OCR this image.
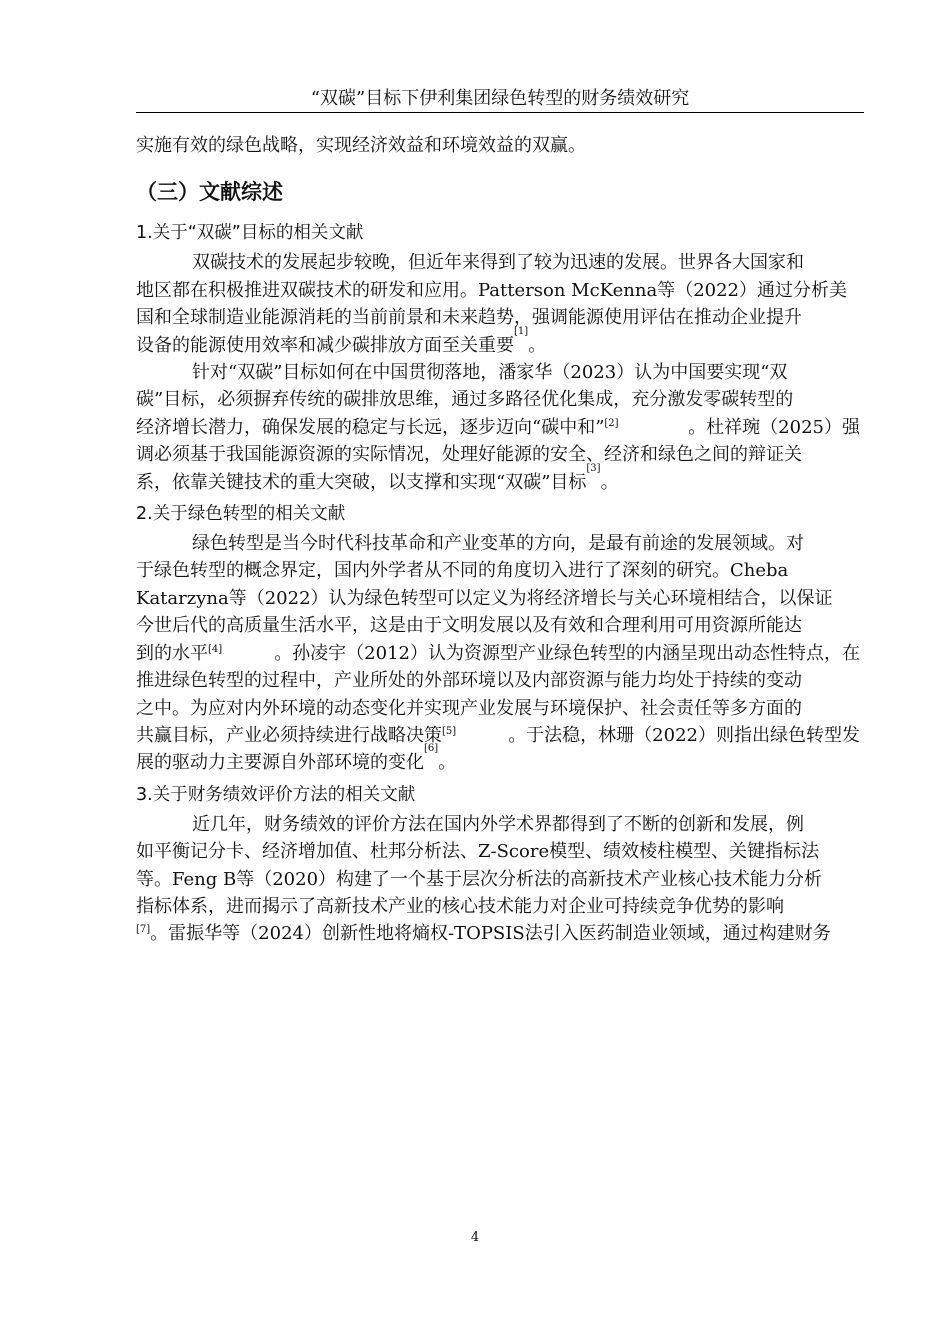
“双碳”目标下伊利集团绿色转型的财务绩效研究
实施有效的绿色战略，实现经济效益和环境效益的双赢。
（三）文献综述
1.关于“双碳”目标的相关文献
双碳技术的发展起步较晚，但近年来得到了较为迅速的发展。世界各大国家和
地区都在积极推进双碳技术的研发和应用。Patterson McKenna等（2022）通过分析美
国和全球制造业能源消耗的当前前景和未来趋势，强调能源使用评估在推动企业提升
设备的能源使用效率和减少碳排放方面至关重要
[1]
。
针对“双碳”目标如何在中国贯彻落地，潘家华（2023）认为中国要实现“双
碳”目标，必须摒弃传统的碳排放思维，通过多路径优化集成，充分激发零碳转型的
经济增长潜力，确保发展的稳定与长远，逐步迈向“碳中和”[2]	。杜祥琬（2025）强
调必须基于我国能源资源的实际情况，处理好能源的安全、经济和绿色之间的辩证关
系，依靠关键技术的重大突破，以支撑和实现“双碳”目标
[3]
。
2.关于绿色转型的相关文献
绿色转型是当今时代科技革命和产业变革的方向，是最有前途的发展领域。对
于绿色转型的概念界定，国内外学者从不同的角度切入进行了深刻的研究。Cheba
Katarzyna等（2022）认为绿色转型可以定义为将经济增长与关心环境相结合，以保证
今世后代的高质量生活水平，这是由于文明发展以及有效和合理利用可用资源所能达
到的水平[4]	。孙凌宇（2012）认为资源型产业绿色转型的内涵呈现出动态性特点，在
推进绿色转型的过程中，产业所处的外部环境以及内部资源与能力均处于持续的变动
之中。为应对内外环境的动态变化并实现产业发展与环境保护、社会责任等多方面的
共赢目标，产业必须持续进行战略决策[5]	。于法稳，林珊（2022）则指出绿色转型发
展的驱动力主要源自外部环境的变化
[6]
。
3.关于财务绩效评价方法的相关文献
近几年，财务绩效的评价方法在国内外学术界都得到了不断的创新和发展，例
如平衡记分卡、经济增加值、杜邦分析法、Z-Score模型、绩效棱柱模型、关键指标法
等。Feng B等（2020）构建了一个基于层次分析法的高新技术产业核心技术能力分析
指标体系，进而揭示了高新技术产业的核心技术能力对企业可持续竞争优势的影响
[7]。雷振华等（2024）创新性地将熵权-TOPSIS法引入医药制造业领域，通过构建财务
4
